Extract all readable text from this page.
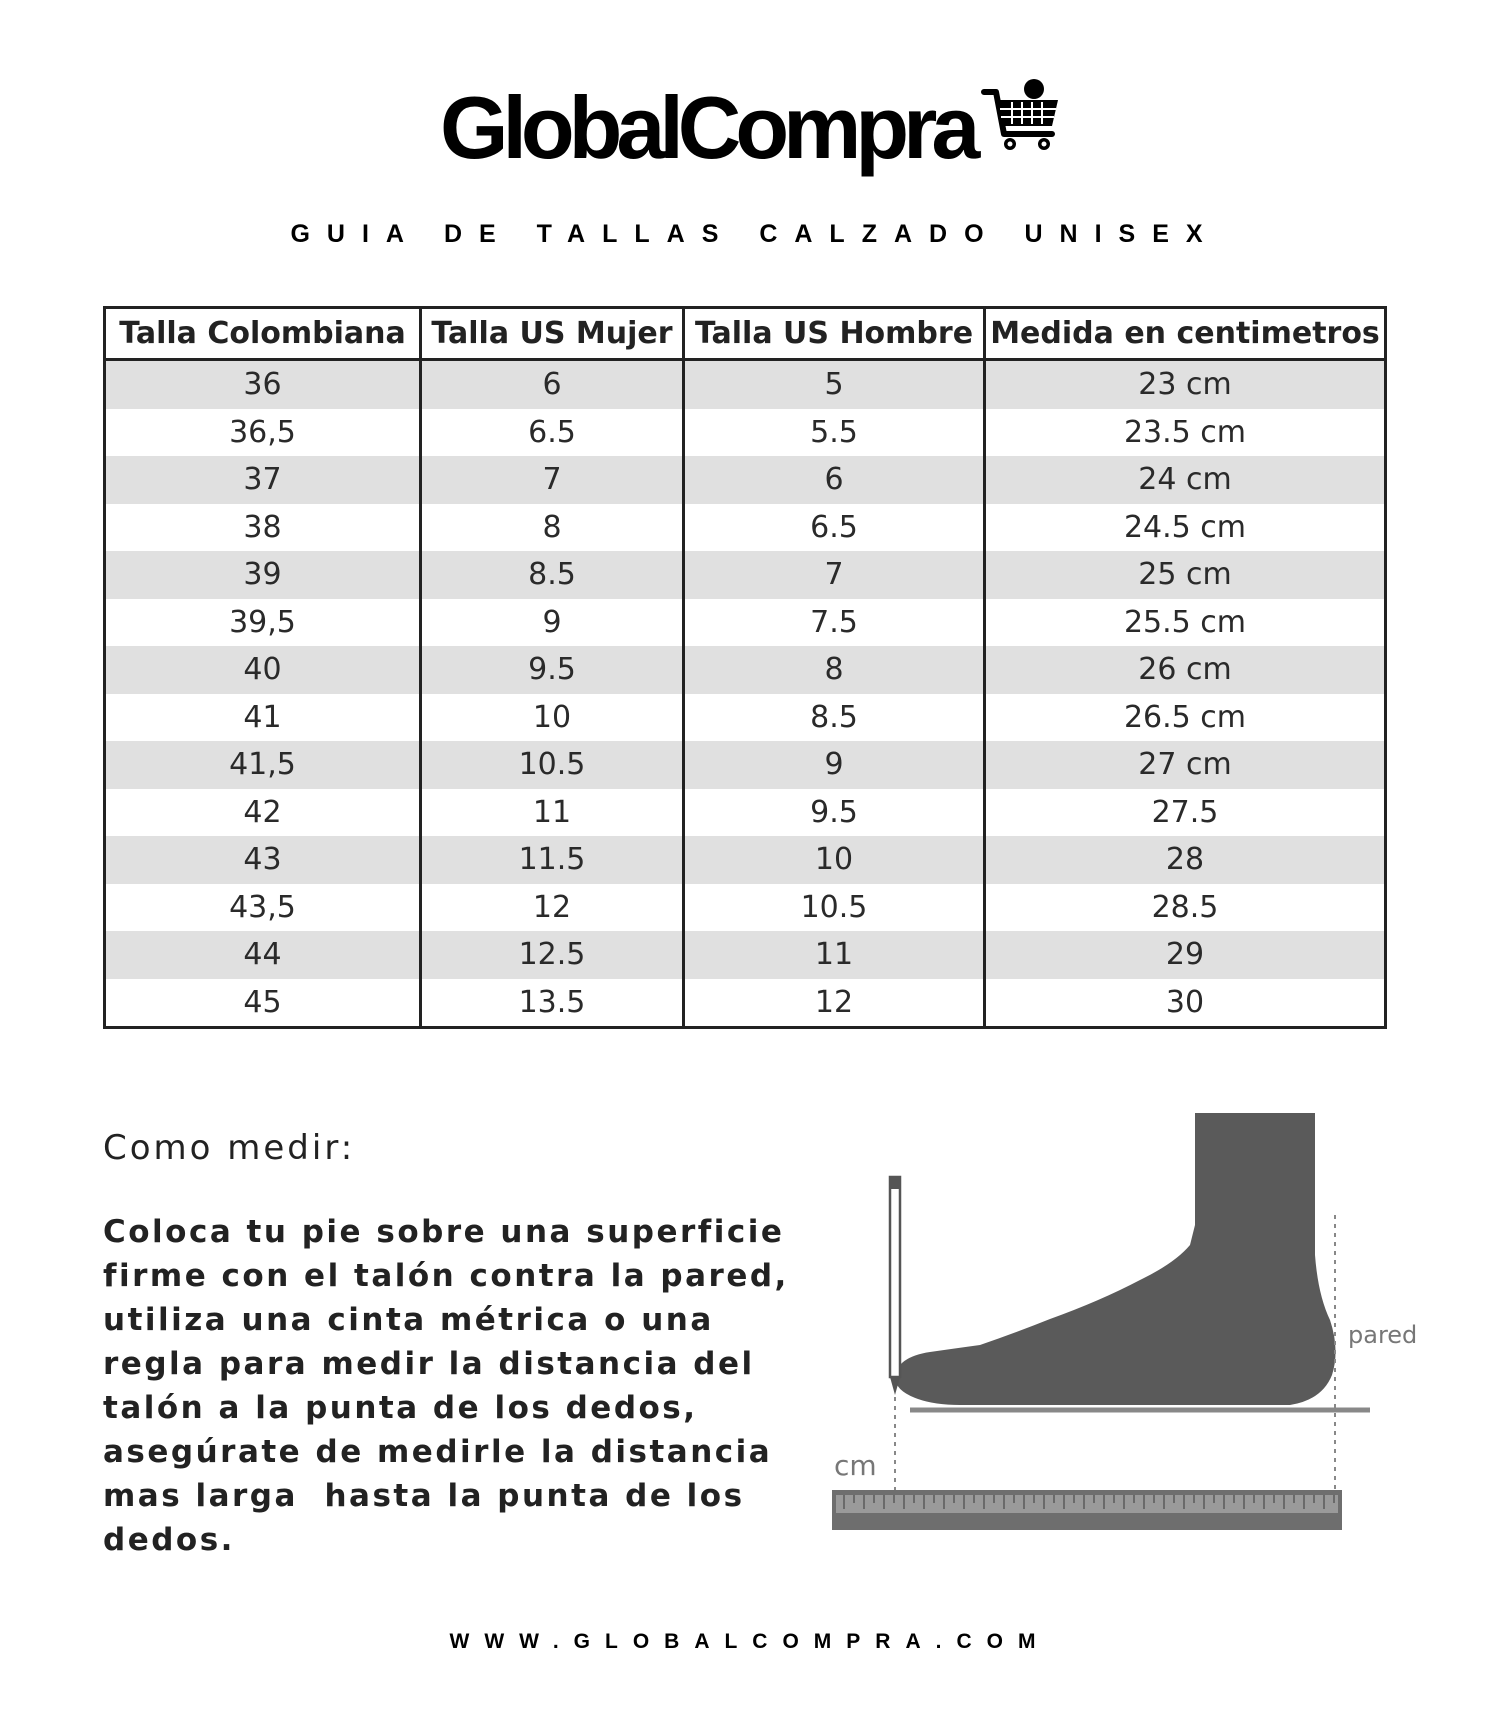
GlobalCompra
GUIA DE TALLAS CALZADO UNISEX
Talla Colombiana	Talla US Mujer	Talla US Hombre	Medida en centimetros
36	6	5	23 cm
36,5	6.5	5.5	23.5 cm
37	7	6	24 cm
38	8	6.5	24.5 cm
39	8.5	7	25 cm
39,5	9	7.5	25.5 cm
40	9.5	8	26 cm
41	10	8.5	26.5 cm
41,5	10.5	9	27 cm
42	11	9.5	27.5
43	11.5	10	28
43,5	12	10.5	28.5
44	12.5	11	29
45	13.5	12	30
Como medir:
Coloca tu pie sobre una superficie
firme con el talón contra la pared,
utiliza una cinta métrica o una
regla para medir la distancia del
talón a la punta de los dedos,
asegúrate de medirle la distancia
mas larga  hasta la punta de los
dedos.
pared
cm
WWW.GLOBALCOMPRA.COM
